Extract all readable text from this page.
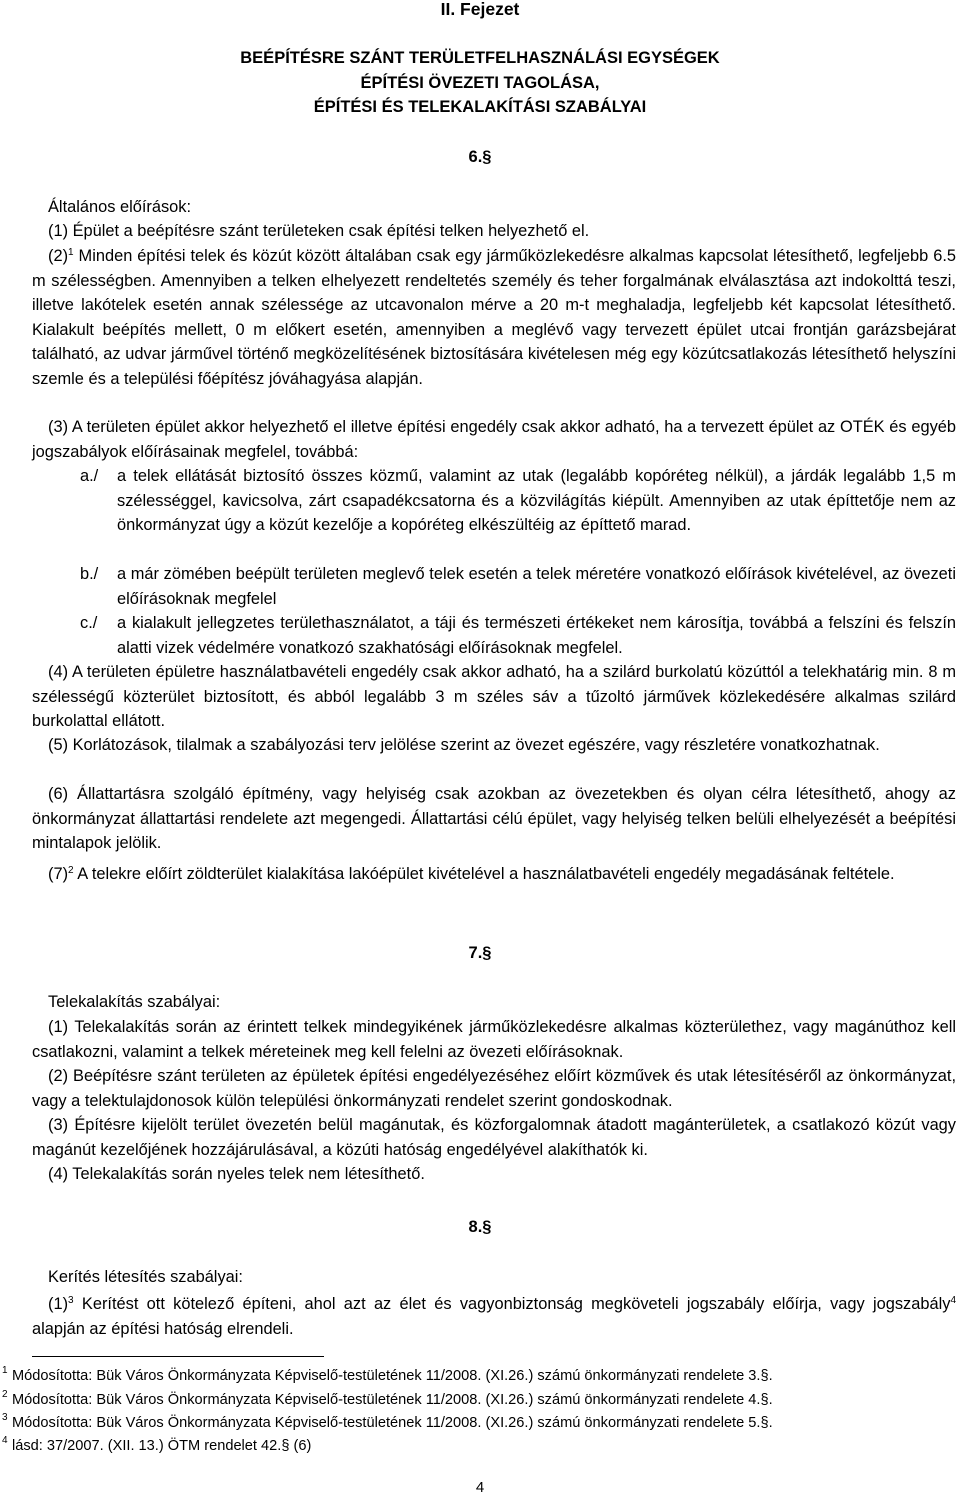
II. Fejezet
BEÉPÍTÉSRE SZÁNT TERÜLETFELHASZNÁLÁSI EGYSÉGEK
ÉPÍTÉSI ÖVEZETI TAGOLÁSA,
ÉPÍTÉSI ÉS TELEKALAKÍTÁSI SZABÁLYAI
6.§
Általános előírások:
(1) Épület a beépítésre szánt területeken csak építési telken helyezhető el.
$(2)^1$ Minden építési telek és közút között általában csak egy járműközlekedésre alkalmas kapcsolat létesíthető, legfeljebb 6.5 m szélességben. Amennyiben a telken elhelyezett rendeltetés személy és teher forgalmának elválasztása azt indokolttá teszi, illetve lakótelek esetén annak szélessége az utcavonalon mérve a 20 m-t meghaladja, legfeljebb két kapcsolat létesíthető. Kialakult beépítés mellett, 0 m előkert esetén, amennyiben a meglévő vagy tervezett épület utcai frontján garázsbejárat található, az udvar járművel történő megközelítésének biztosítására kivételesen még egy közútcsatlakozás létesíthető helyszíni szemle és a települési főépítész jóváhagyása alapján.
(3) A területen épület akkor helyezhető el illetve építési engedély csak akkor adható, ha a tervezett épület az OTÉK és egyéb jogszabályok előírásainak megfelel, továbbá:
a./ a telek ellátását biztosító összes közmű, valamint az utak (legalább kopóréteg nélkül), a járdák legalább 1,5 m szélességgel, kavicsolva, zárt csapadékcsatorna és a közvilágítás kiépült. Amennyiben az utak építtetője nem az önkormányzat úgy a közút kezelője a kopóréteg elkészültéig az építtető marad.
b./ a már zömében beépült területen meglevő telek esetén a telek méretére vonatkozó előírások kivételével, az övezeti előírásoknak megfelel
c./ a kialakult jellegzetes területhasználatot, a táji és természeti értékeket nem károsítja, továbbá a felszíni és felszín alatti vizek védelmére vonatkozó szakhatósági előírásoknak megfelel.
(4) A területen épületre használatbavételi engedély csak akkor adható, ha a szilárd burkolatú közúttól a telekhatárig min. 8 m szélességű közterület biztosított, és abból legalább 3 m széles sáv a tűzoltó járművek közlekedésére alkalmas szilárd burkolattal ellátott.
(5) Korlátozások, tilalmak a szabályozási terv jelölése szerint az övezet egészére, vagy részletére vonatkozhatnak.
(6) Állattartásra szolgáló építmény, vagy helyiség csak azokban az övezetekben és olyan célra létesíthető, ahogy az önkormányzat állattartási rendelete azt megengedi. Állattartási célú épület, vagy helyiség telken belüli elhelyezését a beépítési mintalapok jelölik.
$(7)^2$ A telekre előírt zöldterület kialakítása lakóépület kivételével a használatbavételi engedély megadásának feltétele.
7.§
Telekalakítás szabályai:
(1) Telekalakítás során az érintett telkek mindegyikének járműközlekedésre alkalmas közterülethez, vagy magánúthoz kell csatlakozni, valamint a telkek méreteinek meg kell felelni az övezeti előírásoknak.
(2) Beépítésre szánt területen az épületek építési engedélyezéséhez előírt közművek és utak létesítéséről az önkormányzat, vagy a telektulajdonosok külön települési önkormányzati rendelet szerint gondoskodnak.
(3) Építésre kijelölt terület övezetén belül magánutak, és közforgalomnak átadott magánterületek, a csatlakozó közút vagy magánút kezelőjének hozzájárulásával, a közúti hatóság engedélyével alakíthatók ki.
(4) Telekalakítás során nyeles telek nem létesíthető.
8.§
Kerítés létesítés szabályai:
$(1)^3$ Kerítést ott kötelező építeni, ahol azt az élet és vagyonbiztonság megköveteli jogszabály előírja, vagy jogszabály$^4$ alapján az építési hatóság elrendeli.
1 Módosította: Bük Város Önkormányzata Képviselő-testületének 11/2008. (XI.26.) számú önkormányzati rendelete 3.§.
2 Módosította: Bük Város Önkormányzata Képviselő-testületének 11/2008. (XI.26.) számú önkormányzati rendelete 4.§.
3 Módosította: Bük Város Önkormányzata Képviselő-testületének 11/2008. (XI.26.) számú önkormányzati rendelete 5.§.
4 lásd: 37/2007. (XII. 13.) ÖTM rendelet 42.§ (6)
4
